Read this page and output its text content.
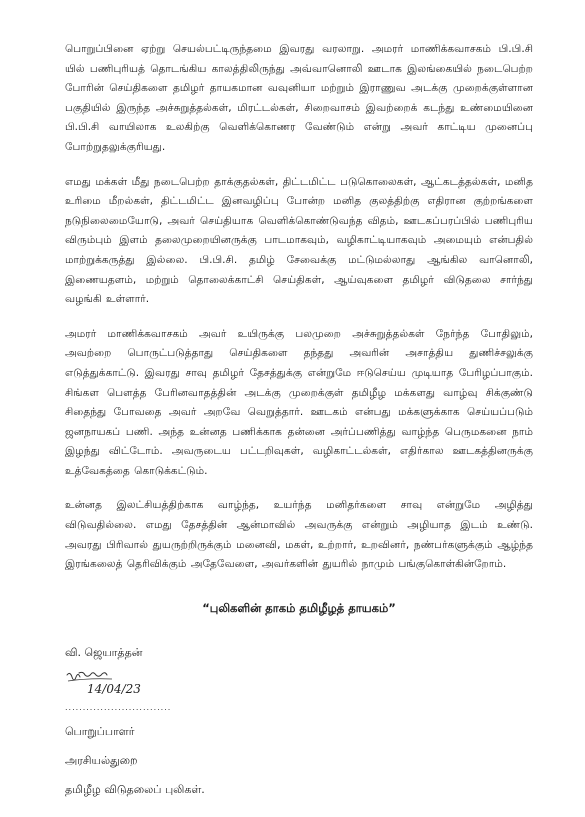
பொறுப்பினை ஏற்று செயல்பட்டிருந்தமை இவரது வரலாறு. அமரர் மாணிக்கவாசகம் பி.பி.சி யில் பணிபுரியத் தொடங்கிய காலத்திலிருந்து அவ்வானொலி ஊடாக இலங்கையில் நடைபெற்ற போரின் செய்திகளை தமிழர் தாயகமான வவுனியா மற்றும் இராணுவ அடக்கு முறைக்குள்ளான பகுதியில் இருந்த அச்சுறுத்தல்கள், மிரட்டல்கள், சிறைவாசம் இவற்றைக் கடந்து உண்மையினை பி.பி.சி வாயிலாக உலகிற்கு வெளிக்கொணர வேண்டும் என்று அவர் காட்டிய முனைப்பு போற்றுதலுக்குரியது.

எமது மக்கள் மீது நடைபெற்ற தாக்குதல்கள், திட்டமிட்ட படுகொலைகள், ஆட்கடத்தல்கள், மனித உரிமை மீறல்கள், திட்டமிட்ட இனவழிப்பு போன்ற மனித குலத்திற்கு எதிரான குற்றங்களை நடுநிலைமையோடு, அவர் செய்தியாக வெளிக்கொண்டுவந்த விதம், ஊடகப்பரப்பில் பணிபுரிய விரும்பும் இளம் தலைமுறையினருக்கு பாடமாகவும், வழிகாட்டியாகவும் அமையும் என்பதில் மாற்றுக்கருத்து இல்லை. பி.பி.சி. தமிழ் சேவைக்கு மட்டுமல்லாது ஆங்கில வானொலி, இணையதளம், மற்றும் தொலைக்காட்சி செய்திகள், ஆய்வுகளை தமிழர் விடுதலை சார்ந்து வழங்கி உள்ளார்.

அமரர் மாணிக்கவாசகம் அவர் உயிருக்கு பலமுறை அச்சுறுத்தல்கள் நேர்ந்த போதிலும், அவற்றை பொருட்படுத்தாது செய்திகளை தந்தது அவரின் அசாத்திய துணிச்சலுக்கு எடுத்துக்காட்டு. இவரது சாவு தமிழர் தேசத்துக்கு என்றுமே ஈடுசெய்ய முடியாத பேரிழப்பாகும். சிங்கள பௌத்த பேரினவாதத்தின் அடக்கு முறைக்குள் தமிழீழ மக்களது வாழ்வு சிக்குண்டு சிதைந்து போவதை அவர் அறவே வெறுத்தார். ஊடகம் என்பது மக்களுக்காக செய்யப்படும் ஜனநாயகப் பணி. அந்த உன்னத பணிக்காக தன்னை அர்ப்பணித்து வாழ்ந்த பெருமகனை நாம் இழந்து விட்டோம். அவருடைய பட்டறிவுகள், வழிகாட்டல்கள், எதிர்கால ஊடகத்தினருக்கு உத்வேகத்தை கொடுக்கட்டும்.

உன்னத இலட்சியத்திற்காக வாழ்ந்த, உயர்ந்த மனிதர்களை சாவு என்றுமே அழித்து விடுவதில்லை. எமது தேசத்தின் ஆன்மாவில் அவருக்கு என்றும் அழியாத இடம் உண்டு. அவரது பிரிவால் துயருற்றிருக்கும் மனைவி, மகள், உற்றார், உறவினர், நண்பர்களுக்கும் ஆழ்ந்த இரங்கலைத் தெரிவிக்கும் அதேவேளை, அவர்களின் துயரில் நாமும் பங்குகொள்கின்றோம்.

“புலிகளின் தாகம் தமிழீழத் தாயகம்”
வி. ஜெயாத்தன்
14/04/23
..............................
பொறுப்பாளர்
அரசியல்துறை
தமிழீழ விடுதலைப் புலிகள்.
